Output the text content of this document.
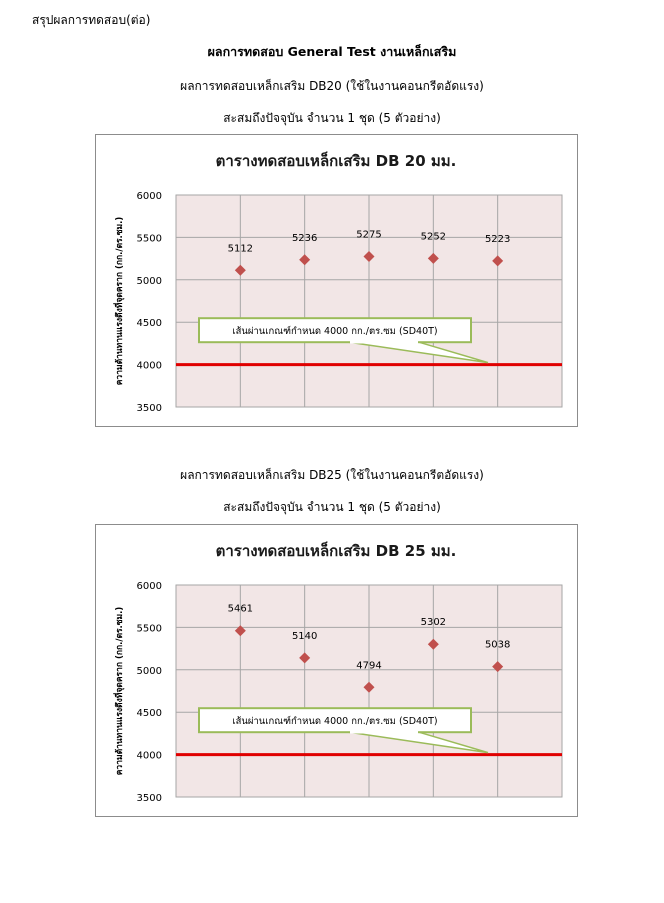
สรุปผลการทดสอบ(ต่อ)
ผลการทดสอบ General Test งานเหล็กเสริม
ผลการทดสอบเหล็กเสริม DB20 (ใช้ในงานคอนกรีตอัดแรง)
สะสมถึงปัจจุบัน จำนวน 1 ชุด (5 ตัวอย่าง)
ตารางทดสอบเหล็กเสริม DB 20 มม.
3500
4000
4500
5000
5500
6000
ความต้านทานแรงดึงที่จุดคราก (กก./ตร.ซม.)	เส้นผ่านเกณฑ์กำหนด 4000 กก./ตร.ซม (SD40T)
5112
5236	5275	5252	5223
ผลการทดสอบเหล็กเสริม DB25 (ใช้ในงานคอนกรีตอัดแรง)
สะสมถึงปัจจุบัน จำนวน 1 ชุด (5 ตัวอย่าง)
ตารางทดสอบเหล็กเสริม DB 25 มม.
3500
4000
4500
5000
5500
6000
ความต้านทานแรงดึงที่จุดคราก (กก./ตร.ซม.)	เส้นผ่านเกณฑ์กำหนด 4000 กก./ตร.ซม (SD40T)
5461
5140
4794
5302
5038
